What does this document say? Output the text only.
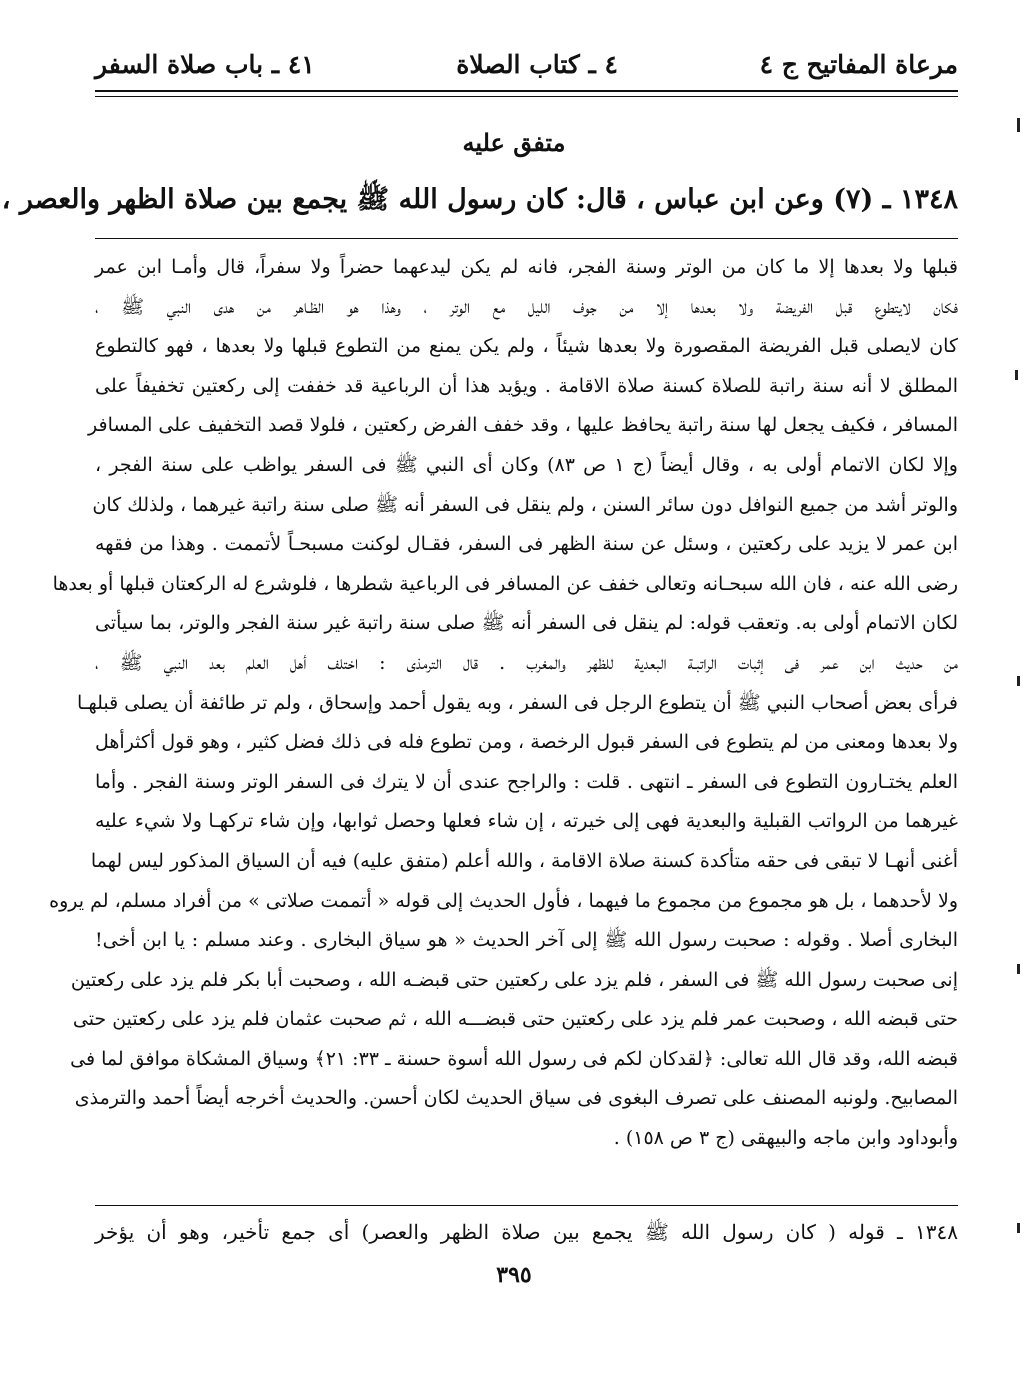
مرعاة المفاتيح ج ٤
٤ ـ كتاب الصلاة
٤١ ـ باب صلاة السفر
متفق عليه
١٣٤٨ ـ (٧) وعن ابن عباس ، قال: كان رسول الله ﷺ يجمع بين صلاة الظهر والعصر ،
قبلها ولا بعدها إلا ما كان من الوتر وسنة الفجر، فانه لم يكن ليدعهما حضراً ولا سفراً، قال وأمـا ابن عمر
فكان لايتطوع قبل الفريضة ولا بعدها إلا من جوف الليل مع الوتر ، وهذا هو الظـاهر من هدى النبي ﷺ ،
كان لايصلى قبل الفريضة المقصورة ولا بعدها شيئاً ، ولم يكن يمنع من التطوع قبلها ولا بعدها ، فهو كالتطوع
المطلق لا أنه سنة راتبة للصلاة كسنة صلاة الاقامة . ويؤيد هذا أن الرباعية قد خففت إلى ركعتين تخفيفاً على
المسافر ، فكيف يجعل لها سنة راتبة يحافظ عليها ، وقد خفف الفرض ركعتين ، فلولا قصد التخفيف على المسافر
وإلا لكان الاتمام أولى به ، وقال أيضاً (ج ١ ص ٨٣) وكان أى النبي ﷺ فى السفر يواظب على سنة الفجر ،
والوتر أشد من جميع النوافل دون سائر السنن ، ولم ينقل فى السفر أنه ﷺ صلى سنة راتبة غيرهما ، ولذلك كان
ابن عمر لا يزيد على ركعتين ، وسئل عن سنة الظهر فى السفر، فقـال لوكنت مسبحـاً لأتممت . وهذا من فقهه
رضى الله عنه ، فان الله سبحـانه وتعالى خفف عن المسافر فى الرباعية شطرها ، فلوشرع له الركعتان قبلها أو بعدها
لكان الاتمام أولى به. وتعقب قوله: لم ينقل فى السفر أنه ﷺ صلى سنة راتبة غير سنة الفجر والوتر، بما سيأتى
من حديث ابن عمر فى إثبات الراتبـة البعدية للظهر والمغرب . قال الترمذى : اختلف أهل العلم بعد النبي ﷺ ،
فرأى بعض أصحاب النبي ﷺ أن يتطوع الرجل فى السفر ، وبه يقول أحمد وإسحاق ، ولم تر طائفة أن يصلى قبلهـا
ولا بعدها ومعنى من لم يتطوع فى السفر قبول الرخصة ، ومن تطوع فله فى ذلك فضل كثير ، وهو قول أكثرأهل
العلم يختـارون التطوع فى السفر ـ انتهى . قلت : والراجح عندى أن لا يترك فى السفر الوتر وسنة الفجر . وأما
غيرهما من الرواتب القبلية والبعدية فهى إلى خيرته ، إن شاء فعلها وحصل ثوابها، وإن شاء تركهـا ولا شيء عليه
أغنى أنهـا لا تبقى فى حقه متأكدة كسنة صلاة الاقامة ، والله أعلم (متفق عليه) فيه أن السياق المذكور ليس لهما
ولا لأحدهما ، بل هو مجموع من مجموع ما فيهما ، فأول الحديث إلى قوله « أتممت صلاتى » من أفراد مسلم، لم يروه
البخارى أصلا . وقوله : صحبت رسول الله ﷺ إلى آخر الحديث « هو سياق البخارى . وعند مسلم : يا ابن أخى!
إنى صحبت رسول الله ﷺ فى السفر ، فلم يزد على ركعتين حتى قبضـه الله ، وصحبت أبا بكر فلم يزد على ركعتين
حتى قبضه الله ، وصحبت عمر فلم يزد على ركعتين حتى قبضـــه الله ، ثم صحبت عثمان فلم يزد على ركعتين حتى
قبضه الله، وقد قال الله تعالى: ﴿لقدكان لكم فى رسول الله أسوة حسنة ـ ٣٣: ٢١﴾ وسياق المشكاة موافق لما فى
المصابيح. ولونبه المصنف على تصرف البغوى فى سياق الحديث لكان أحسن. والحديث أخرجه أيضاً أحمد والترمذى
وأبوداود وابن ماجه والبيهقى (ج ٣ ص ١٥٨) .
١٣٤٨ ـ قوله ( كان رسول الله ﷺ يجمع بين صلاة الظهر والعصر) أى جمع تأخير، وهو أن يؤخر
٣٩٥
